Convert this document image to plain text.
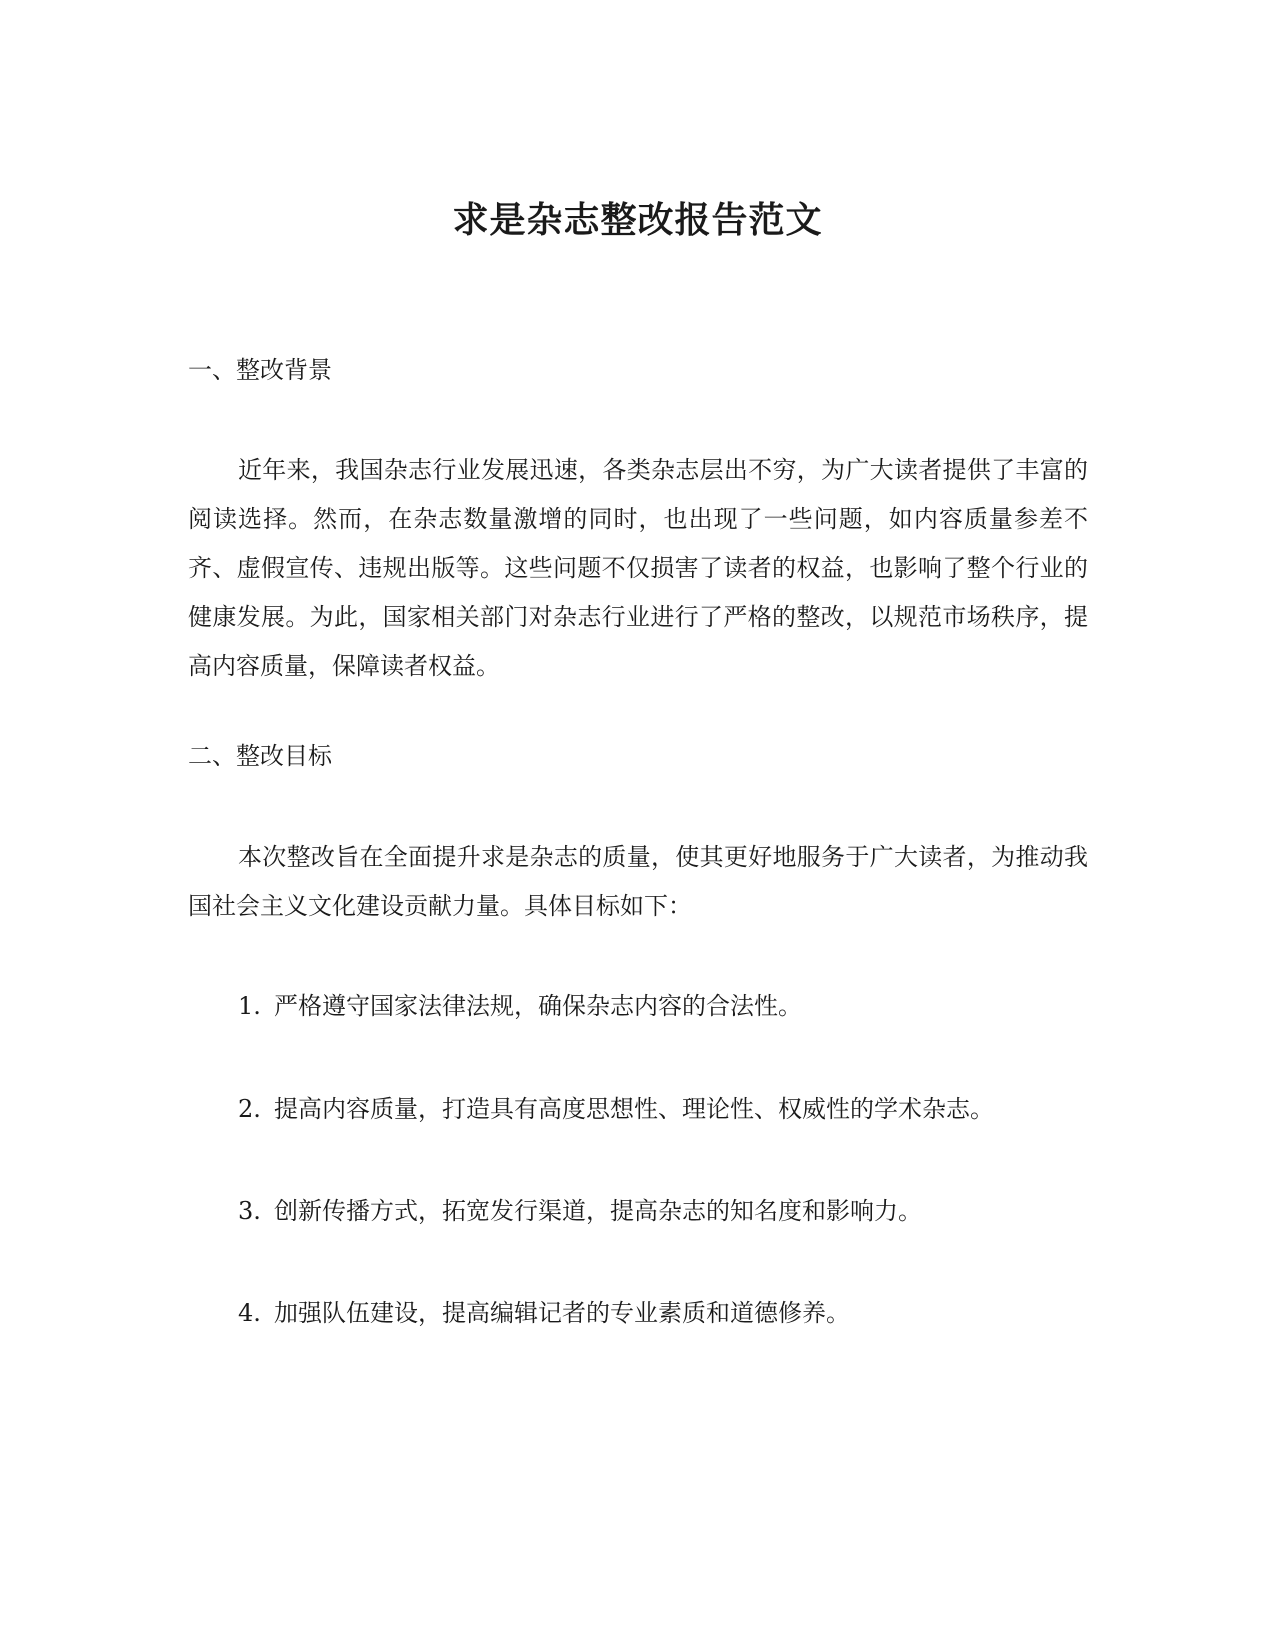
求是杂志整改报告范文

一、整改背景

近年来，我国杂志行业发展迅速，各类杂志层出不穷，为广大读者提供了丰富的阅读选择。然而，在杂志数量激增的同时，也出现了一些问题，如内容质量参差不齐、虚假宣传、违规出版等。这些问题不仅损害了读者的权益，也影响了整个行业的健康发展。为此，国家相关部门对杂志行业进行了严格的整改，以规范市场秩序，提高内容质量，保障读者权益。

二、整改目标

本次整改旨在全面提升求是杂志的质量，使其更好地服务于广大读者，为推动我国社会主义文化建设贡献力量。具体目标如下：

1. 严格遵守国家法律法规，确保杂志内容的合法性。

2. 提高内容质量，打造具有高度思想性、理论性、权威性的学术杂志。

3. 创新传播方式，拓宽发行渠道，提高杂志的知名度和影响力。

4. 加强队伍建设，提高编辑记者的专业素质和道德修养。
